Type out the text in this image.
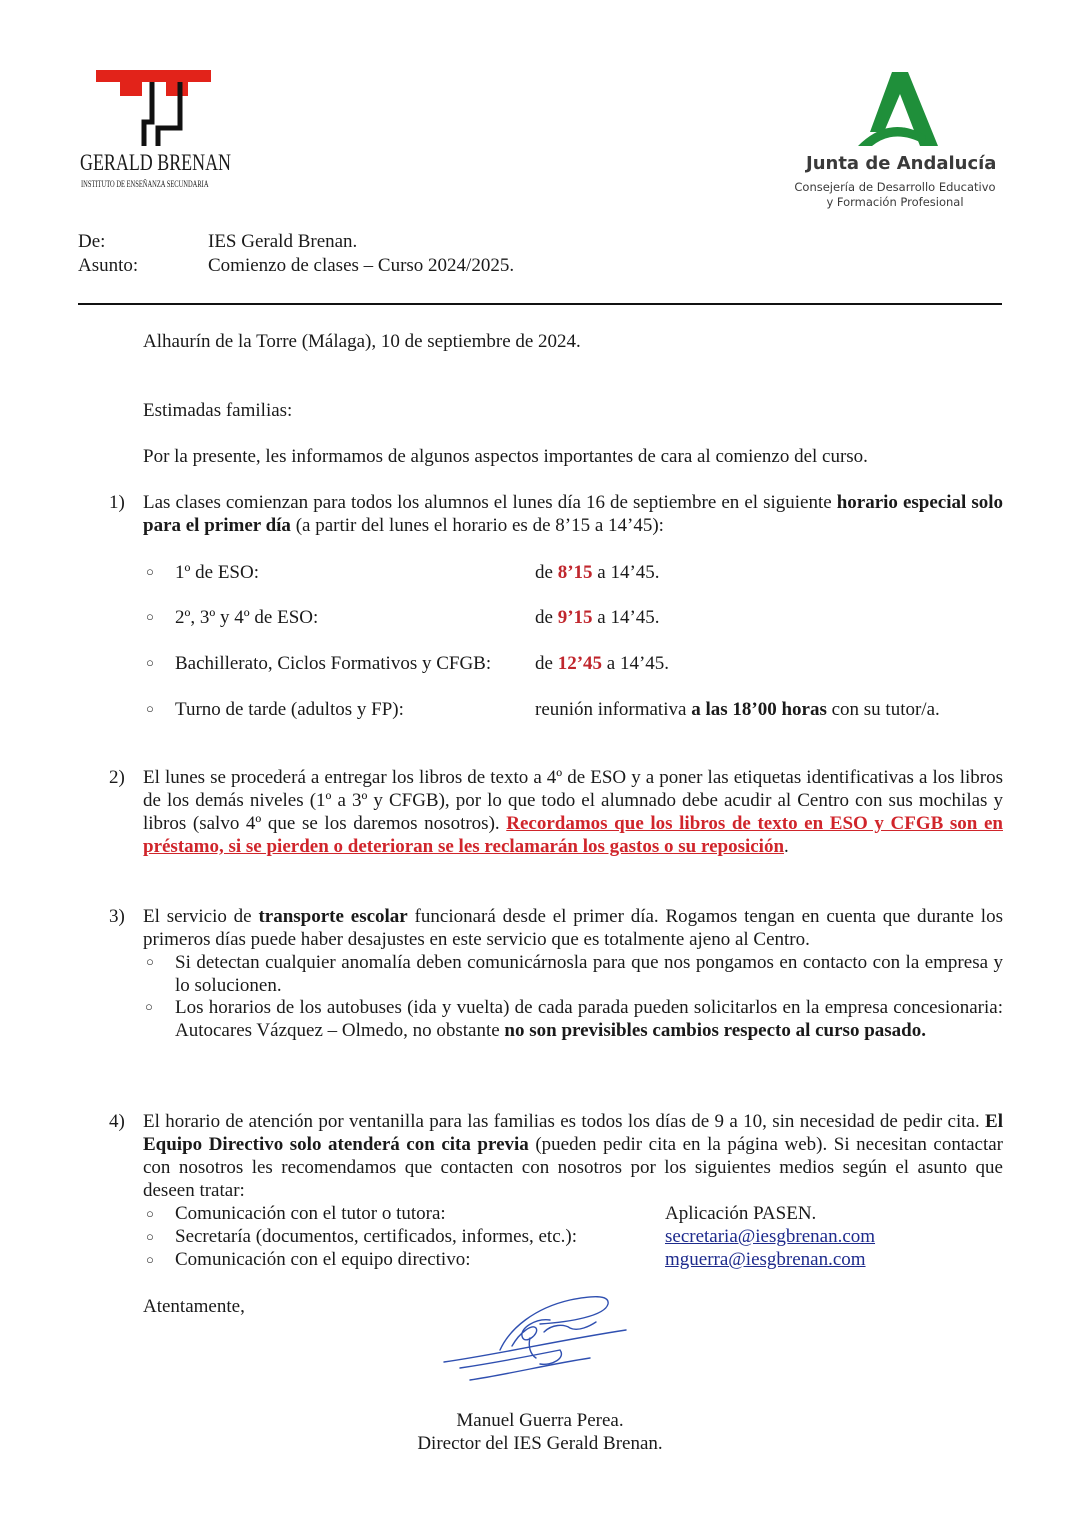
GERALD BRENAN
INSTITUTO DE ENSEÑANZA SECUNDARIA
Junta de Andalucía
Consejería de Desarrollo Educativo
y Formación Profesional
De:	IES Gerald Brenan.
Asunto:	Comienzo de clases – Curso 2024/2025.
Alhaurín de la Torre (Málaga), 10 de septiembre de 2024.
Estimadas familias:
Por la presente, les informamos de algunos aspectos importantes de cara al comienzo del curso.
1) Las clases comienzan para todos los alumnos el lunes día 16 de septiembre en el siguiente horario especial solo para el primer día (a partir del lunes el horario es de 8’15 a 14’45):
○ 1º de ESO:	de 8’15 a 14’45.
○ 2º, 3º y 4º de ESO:	de 9’15 a 14’45.
○ Bachillerato, Ciclos Formativos y CFGB: de 12’45 a 14’45.
○ Turno de tarde (adultos y FP):	reunión informativa a las 18’00 horas con su tutor/a.
2) El lunes se procederá a entregar los libros de texto a 4º de ESO y a poner las etiquetas identificativas a los libros de los demás niveles (1º a 3º y CFGB), por lo que todo el alumnado debe acudir al Centro con sus mochilas y libros (salvo 4º que se los daremos nosotros). Recordamos que los libros de texto en ESO y CFGB son en préstamo, si se pierden o deterioran se les reclamarán los gastos o su reposición.
3) El servicio de transporte escolar funcionará desde el primer día. Rogamos tengan en cuenta que durante los primeros días puede haber desajustes en este servicio que es totalmente ajeno al Centro.
○ Si detectan cualquier anomalía deben comunicárnosla para que nos pongamos en contacto con la empresa y lo solucionen.
○ Los horarios de los autobuses (ida y vuelta) de cada parada pueden solicitarlos en la empresa concesionaria: Autocares Vázquez – Olmedo, no obstante no son previsibles cambios respecto al curso pasado.
4) El horario de atención por ventanilla para las familias es todos los días de 9 a 10, sin necesidad de pedir cita. El Equipo Directivo solo atenderá con cita previa (pueden pedir cita en la página web). Si necesitan contactar con nosotros les recomendamos que contacten con nosotros por los siguientes medios según el asunto que deseen tratar:
○ Comunicación con el tutor o tutora:	Aplicación PASEN.
○ Secretaría (documentos, certificados, informes, etc.):	secretaria@iesgbrenan.com
○ Comunicación con el equipo directivo:	mguerra@iesgbrenan.com
Atentamente,
Manuel Guerra Perea.
Director del IES Gerald Brenan.
